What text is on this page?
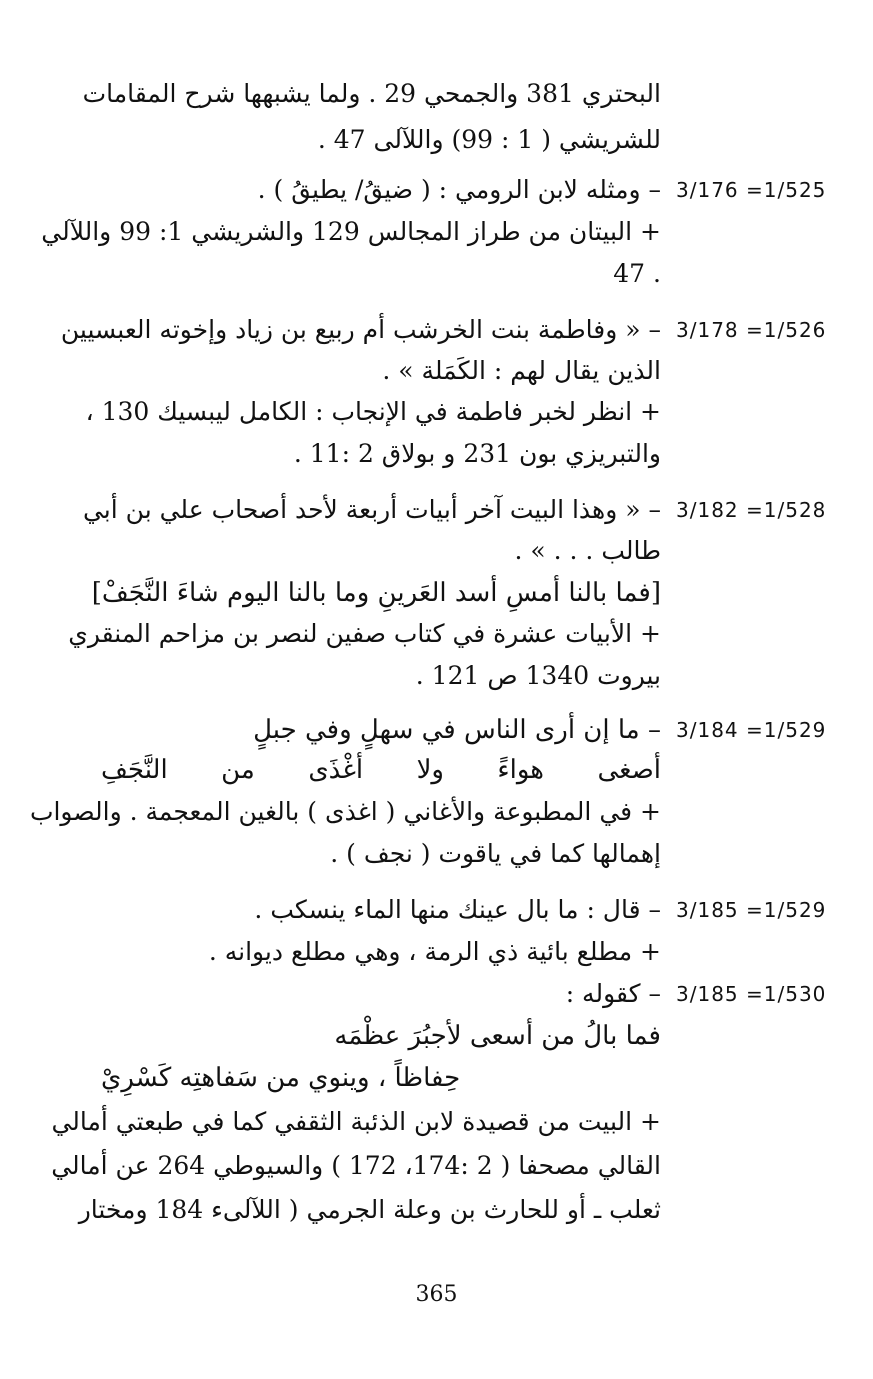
البحتري 381 والجمحي 29 . ولما يشبهها شرح المقامات
للشريشي ( 1 : 99) واللآلى 47 .
3/176 =1/525
– ومثله لابن الرومي : ( ضيقُ/ يطيقُ ) .
+ البيتان من طراز المجالس 129 والشريشي 1: 99 واللآلي
. 47
3/178 =1/526
– « وفاطمة بنت الخرشب أم ربيع بن زياد وإخوته العبسيين
الذين يقال لهم : الكَمَلة » .
+ انظر لخبر فاطمة في الإنجاب : الكامل ليبسيك 130 ،
والتبريزي بون 231 و بولاق 2 :11 .
3/182 =1/528
– « وهذا البيت آخر أبيات أربعة لأحد أصحاب علي بن أبي
طالب . . . » .
[فما بالنا أمسِ أسد العَرينِ وما بالنا اليوم شاءَ النَّجَفْ]
+ الأبيات عشرة في كتاب صفين لنصر بن مزاحم المنقري
بيروت 1340 ص 121 .
3/184 =1/529
– ما إن أرى الناس في سهلٍ وفي جبلٍ
أصغى هواءً ولا أغْذَى من النَّجَفِ
+ في المطبوعة والأغاني ( اغذى ) بالغين المعجمة . والصواب
إهمالها كما في ياقوت ( نجف ) .
3/185 =1/529
– قال : ما بال عينك منها الماء ينسكب .
+ مطلع بائية ذي الرمة ، وهي مطلع ديوانه .
3/185 =1/530
– كقوله :
فما بالُ من أسعى لأجبُرَ عظْمَه
حِفاظاً ، وينوي من سَفاهتِه كَسْرِيْ
+ البيت من قصيدة لابن الذئبة الثقفي كما في طبعتي أمالي
القالي مصحفا ( 2 :174، 172 ) والسيوطي 264 عن أمالي
ثعلب ـ أو للحارث بن وعلة الجرمي ( اللآلىء 184 ومختار
365
